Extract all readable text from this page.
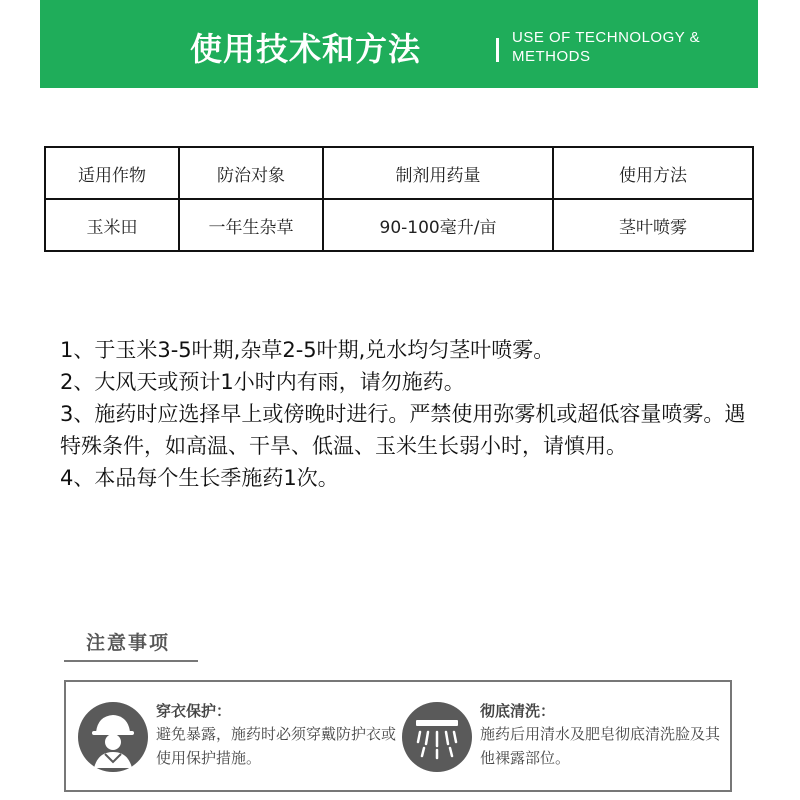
使用技术和方法	USE OF TECHNOLOGY & METHODS
适用作物	防治对象	制剂用药量	使用方法
玉米田	一年生杂草	90-100毫升/亩	茎叶喷雾

1、于玉米3-5叶期,杂草2-5叶期,兑水均匀茎叶喷雾。

2、大风天或预计1小时内有雨，请勿施药。

3、施药时应选择早上或傍晚时进行。严禁使用弥雾机或超低容量喷雾。遇特殊条件，如高温、干旱、低温、玉米生长弱小时，请慎用。

4、本品每个生长季施药1次。

注意事项
穿衣保护：
避免暴露，施药时必须穿戴防护衣或使用保护措施。
彻底清洗：
施药后用清水及肥皂彻底清洗脸及其他裸露部位。
